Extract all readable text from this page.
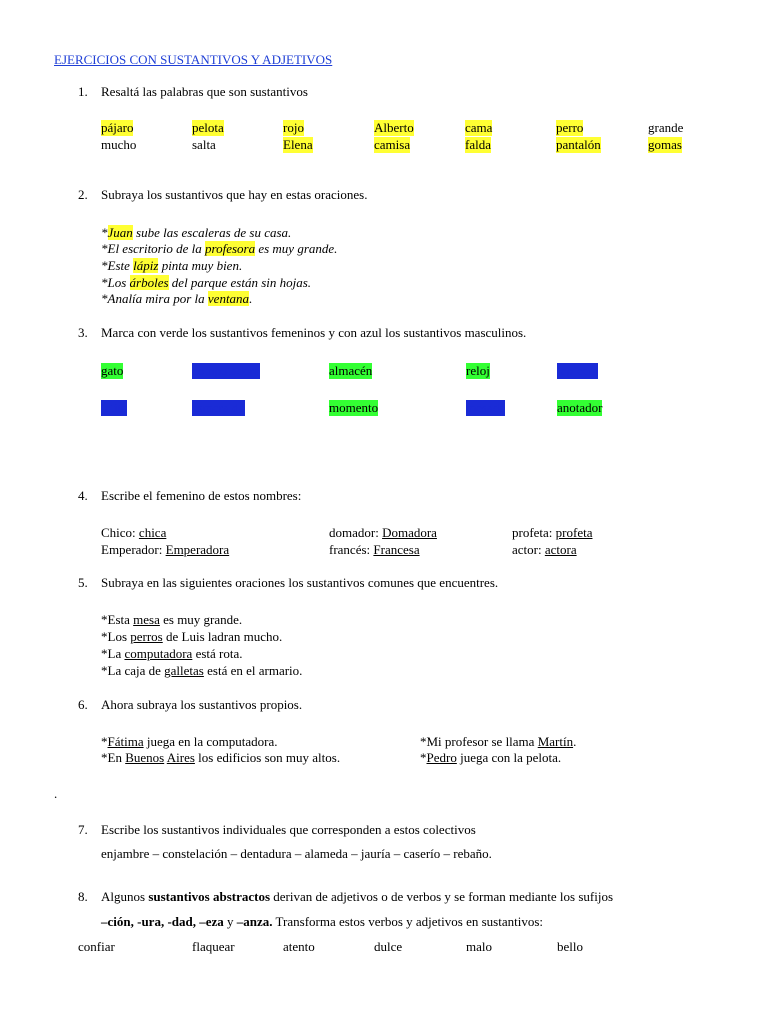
EJERCICIOS CON SUSTANTIVOS Y ADJETIVOS
1. Resaltá las palabras que son sustantivos
pájaro	pelota	rojo	Alberto	cama	perro	grande
mucho	salta	Elena	camisa	falda	pantalón	gomas
2. Subraya los sustantivos que hay en estas oraciones.
*Juan sube las escaleras de su casa.
*El escritorio de la profesora es muy grande.
*Este lápiz pinta muy bien.
*Los árboles del parque están sin hojas.
*Analía mira por la ventana.
3. Marca con verde los sustantivos femeninos y con azul los sustantivos masculinos.
gato	computadora	almacén	reloj	lapicera
tatita	esmeralda	momento	mesada	anotador
4. Escribe el femenino de estos nombres:
Chico: chica	domador: Domadora	profeta: profeta
Emperador: Emperadora	francés: Francesa	actor: actora
5. Subraya en las siguientes oraciones los sustantivos comunes que encuentres.
*Esta mesa es muy grande.
*Los perros de Luis ladran mucho.
*La computadora está rota.
*La caja de galletas está en el armario.
6. Ahora subraya los sustantivos propios.
*Fátima juega en la computadora.
*En Buenos Aires los edificios son muy altos.
*Mi profesor se llama Martín.
*Pedro juega con la pelota.
.
7. Escribe los sustantivos individuales que corresponden a estos colectivos
enjambre – constelación – dentadura – alameda – jauría – caserío – rebaño.
8. Algunos sustantivos abstractos derivan de adjetivos o de verbos y se forman mediante los sufijos
–ción, -ura, -dad, –eza y –anza. Transforma estos verbos y adjetivos en sustantivos:
confiar	flaquear	atento	dulce	malo	bello
